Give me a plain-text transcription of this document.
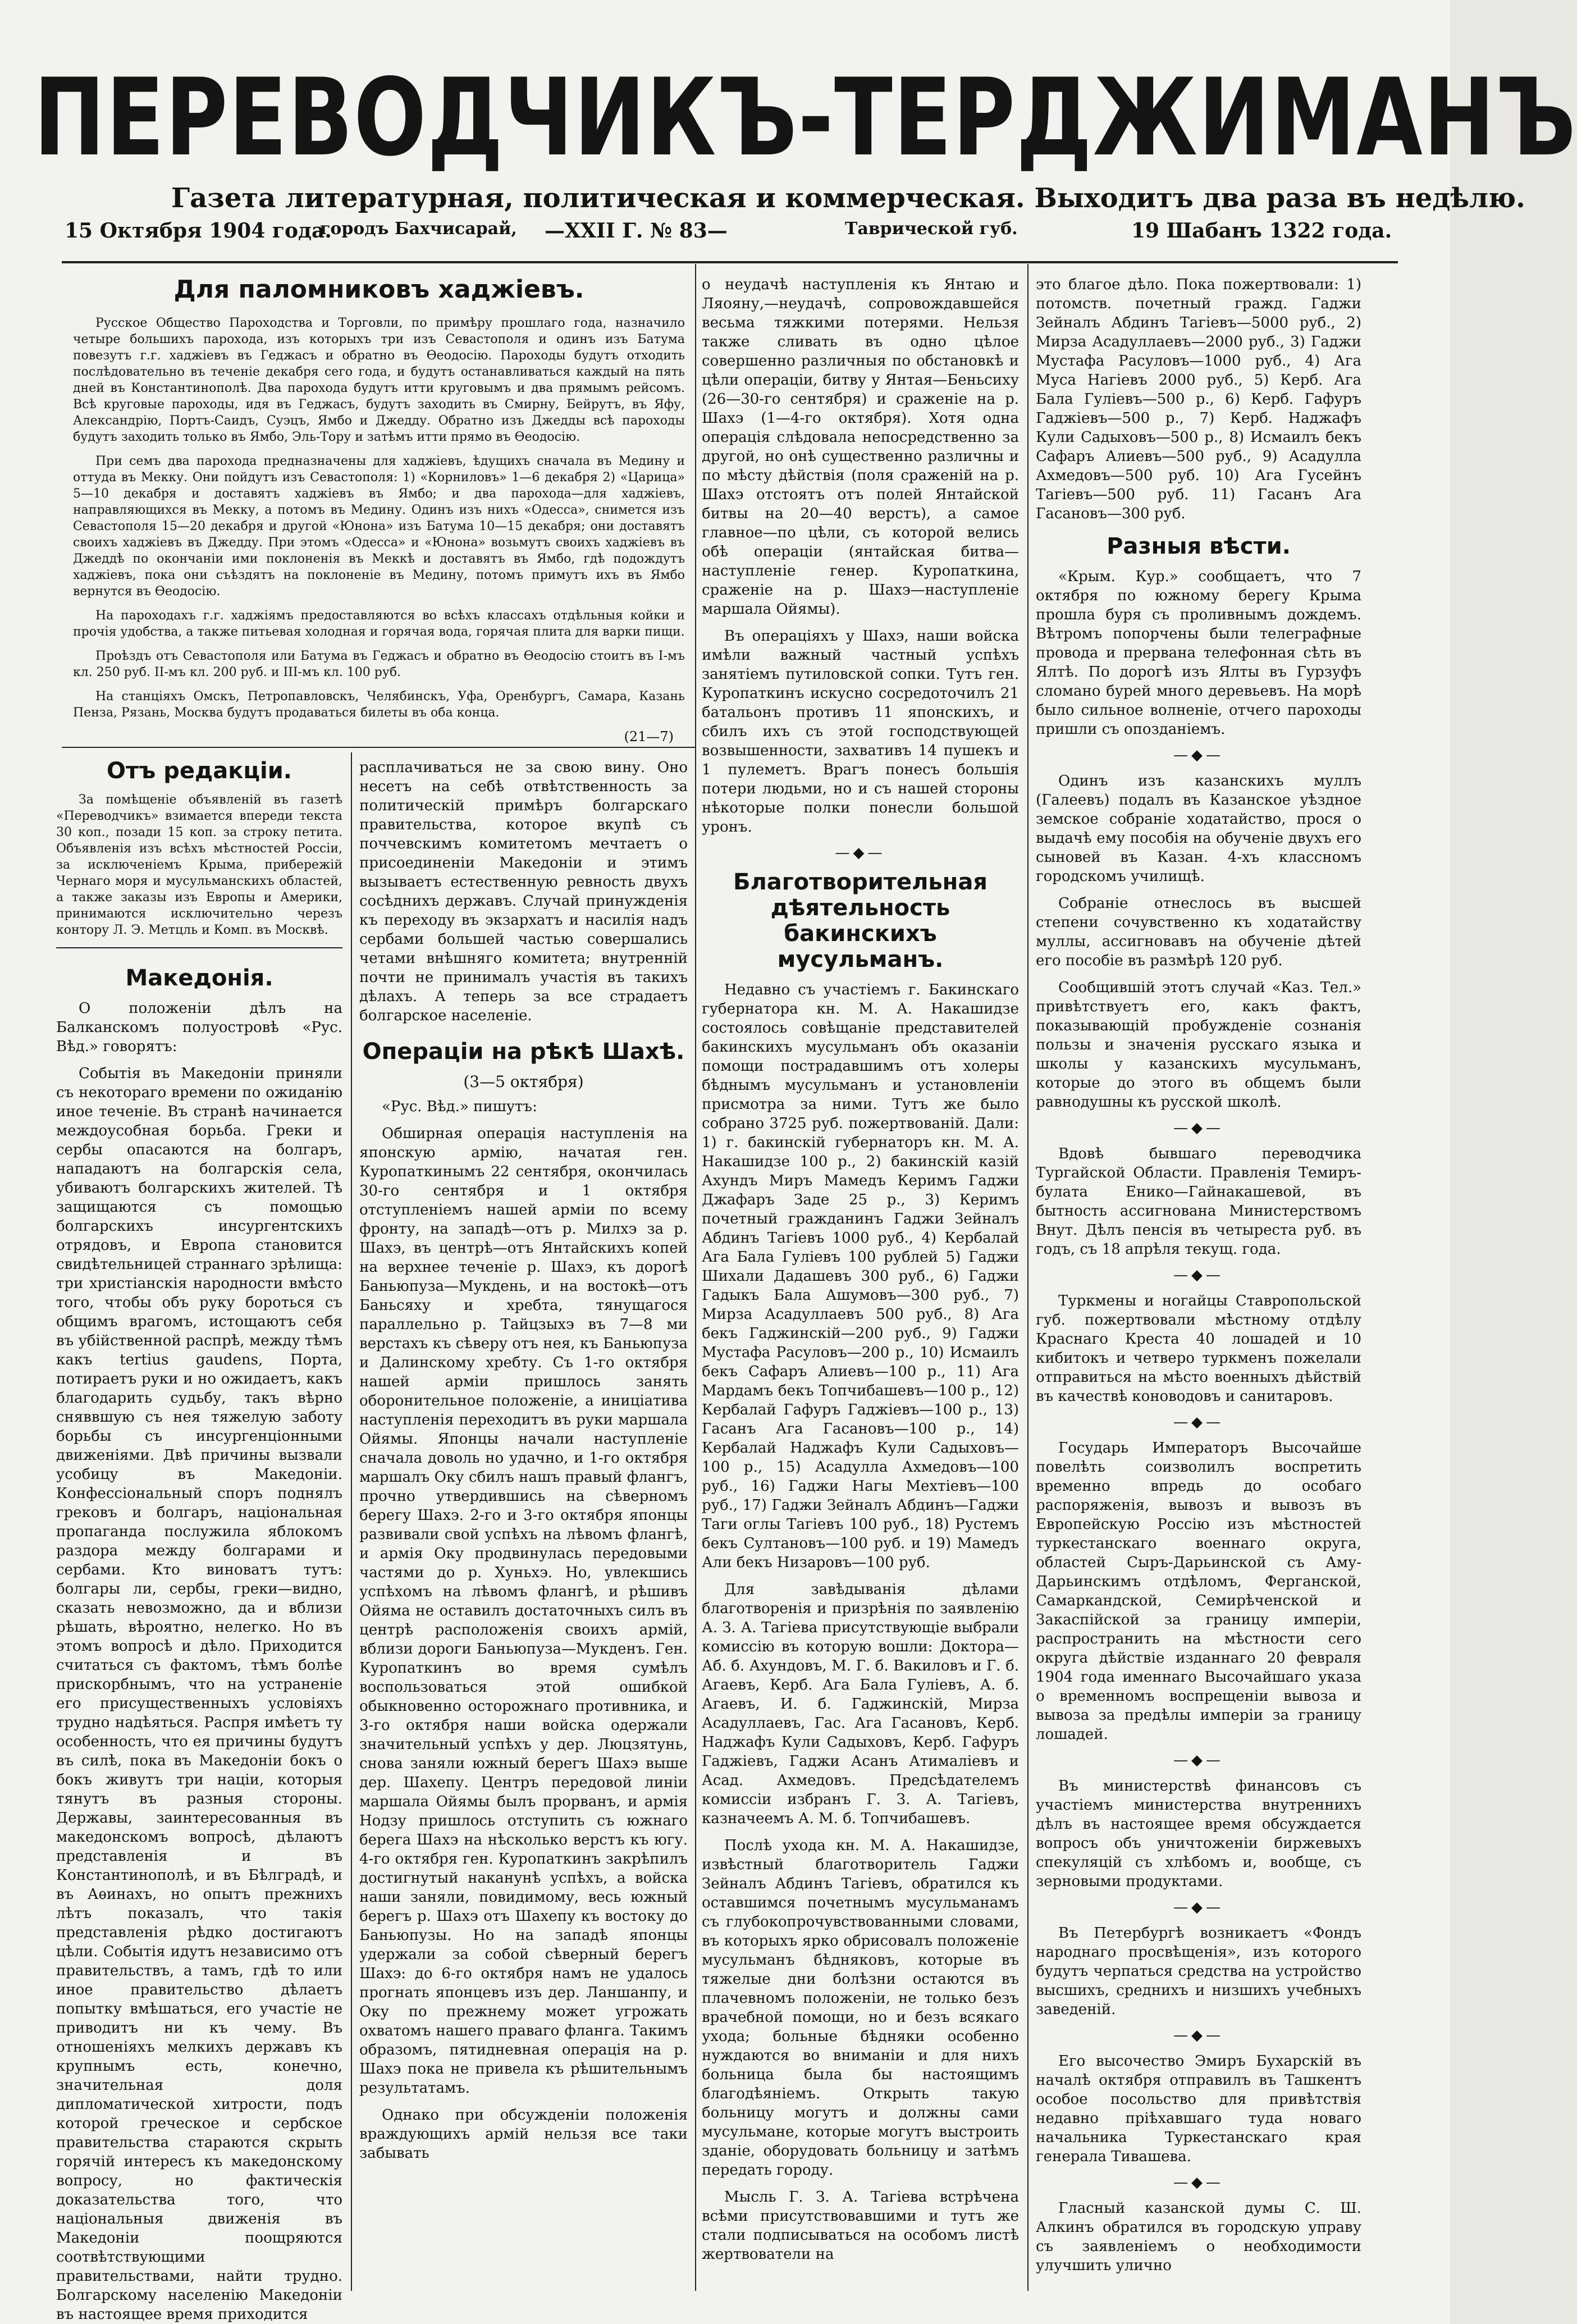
ПЕРЕВОДЧИКЪ-ТЕРДЖИМАНЪ
Газета литературная, политическая и коммерческая. Выходитъ два раза въ недѣлю.
15 Октября 1904 года.
городъ Бахчисарай, —XXII Г. № 83—	Таврической губ.	19 Шабанъ 1322 года.
Для паломниковъ хаджіевъ.

Русское Общество Пароходства и Торговли, по примѣру прошлаго года, назначило четыре большихъ парохода, изъ которыхъ три изъ Севастополя и одинъ изъ Батума повезутъ г.г. хаджіевъ въ Геджасъ и обратно въ Ѳеодосію. Пароходы будутъ отходить послѣдовательно въ теченіе декабря сего года, и будутъ останавливаться каждый на пять дней въ Константинополѣ. Два парохода будутъ итти круговымъ и два прямымъ рейсомъ. Всѣ круговые пароходы, идя въ Геджасъ, будутъ заходить въ Смирну, Бейрутъ, въ Яфу, Александрію, Портъ-Саидъ, Суэцъ, Ямбо и Джедду. Обратно изъ Джедды всѣ пароходы будутъ заходить только въ Ямбо, Эль-Тору и затѣмъ итти прямо въ Ѳеодосію.

При семъ два парохода предназначены для хаджіевъ, ѣдущихъ сначала въ Медину и оттуда въ Мекку. Они пойдутъ изъ Севастополя: 1) «Корниловъ» 1—6 декабря 2) «Царица» 5—10 декабря и доставятъ хаджіевъ въ Ямбо; и два парохода—для хаджіевъ, направляющихся въ Мекку, а потомъ въ Медину. Одинъ изъ нихъ «Одесса», снимется изъ Севастополя 15—20 декабря и другой «Юнона» изъ Батума 10—15 декабря; они доставятъ своихъ хаджіевъ въ Джедду. При этомъ «Одесса» и «Юнона» возьмутъ своихъ хаджіевъ въ Джеддѣ по окончаніи ими поклоненія въ Меккѣ и доставятъ въ Ямбо, гдѣ подождутъ хаджіевъ, пока они съѣздятъ на поклоненіе въ Медину, потомъ примутъ ихъ въ Ямбо вернутся въ Ѳеодосію.

На пароходахъ г.г. хаджіямъ предоставляются во всѣхъ классахъ отдѣльныя койки и прочія удобства, а также питьевая холодная и горячая вода, горячая плита для варки пищи.

Проѣздъ отъ Севастополя или Батума въ Геджасъ и обратно въ Ѳеодосію стоитъ въ I-мъ кл. 250 руб. II-мъ кл. 200 руб. и III-мъ кл. 100 руб.

На станціяхъ Омскъ, Петропавловскъ, Челябинскъ, Уфа, Оренбургъ, Самара, Казань Пенза, Рязань, Москва будутъ продаваться билеты въ оба конца.

(21—7)
Отъ редакціи.

За помѣщеніе объявленій въ газетѣ «Переводчикъ» взимается впереди текста 30 коп., позади 15 коп. за строку петита. Объявленія изъ всѣхъ мѣстностей Россіи, за исключеніемъ Крыма, прибережій Чернаго моря и мусульманскихъ областей, а также заказы изъ Европы и Америки, принимаются исключительно черезъ контору Л. Э. Метцль и Комп. въ Москвѣ.

Македонія.

О положеніи дѣлъ на Балканскомъ полуостровѣ «Рус. Вѣд.» говорятъ:

Событія въ Македоніи приняли съ некотораго времени по ожиданію иное теченіе. Въ странѣ начинается междоусобная борьба. Греки и сербы опасаются на болгаръ, нападаютъ на болгарскія села, убиваютъ болгарскихъ жителей. Тѣ защищаются съ помощью болгарскихъ инсургентскихъ отрядовъ, и Европа становится свидѣтельницей страннаго зрѣлища: три христіанскія народности вмѣсто того, чтобы объ руку бороться съ общимъ врагомъ, истощаютъ себя въ убійственной распрѣ, между тѣмъ какъ tertius gaudens, Порта, потираетъ руки и но ожидаетъ, какъ благодарить судьбу, такъ вѣрно сняввшую съ нея тяжелую заботу борьбы съ инсургенціонными движеніями. Двѣ причины вызвали усобицу въ Македоніи. Конфессіональный споръ поднялъ грековъ и болгаръ, національная пропаганда послужила яблокомъ раздора между болгарами и сербами. Кто виноватъ тутъ: болгары ли, сербы, греки—видно, сказать невозможно, да и вблизи рѣшать, вѣроятно, нелегко. Но въ этомъ вопросѣ и дѣло. Приходится считаться съ фактомъ, тѣмъ болѣе прискорбнымъ, что на устраненіе его присущественныхъ условіяхъ трудно надѣяться. Распря имѣетъ ту особенность, что ея причины будутъ въ силѣ, пока въ Македоніи бокъ о бокъ живутъ три націи, которыя тянутъ въ разныя стороны. Державы, заинтересованныя въ македонскомъ вопросѣ, дѣлаютъ представленія и въ Константинополѣ, и въ Бѣлградѣ, и въ Аѳинахъ, но опытъ прежнихъ лѣтъ показалъ, что такія представленія рѣдко достигаютъ цѣли. Событія идутъ независимо отъ правительствъ, а тамъ, гдѣ то или иное правительство дѣлаетъ попытку вмѣшаться, его участіе не приводитъ ни къ чему. Въ отношеніяхъ мелкихъ державъ къ крупнымъ есть, конечно, значительная доля дипломатической хитрости, подъ которой греческое и сербское правительства стараются скрыть горячій интересъ къ македонскому вопросу, но фактическія доказательства того, что національныя движенія въ Македоніи поощряются соотвѣтствующими правительствами, найти трудно. Болгарскому населенію Македоніи въ настоящее время приходится

расплачиваться не за свою вину. Оно несетъ на себѣ отвѣтственность за политическій примѣръ болгарскаго правительства, которое вкупѣ съ поччевскимъ комитетомъ мечтаетъ о присоединеніи Македоніи и этимъ вызываетъ естественную ревность двухъ сосѣднихъ державъ. Случай принужденія къ переходу въ экзархатъ и насилія надъ сербами большей частью совершались четами внѣшняго комитета; внутренній почти не принималъ участія въ такихъ дѣлахъ. А теперь за все страдаетъ болгарское населеніе.

Операціи на рѣкѣ Шахѣ.

(3—5 октября)

«Рус. Вѣд.» пишутъ:

Обширная операція наступленія на японскую армію, начатая ген. Куропаткинымъ 22 сентября, окончилась 30-го сентября и 1 октября отступленіемъ нашей арміи по всему фронту, на западѣ—отъ р. Милхэ за р. Шахэ, въ центрѣ—отъ Янтайскихъ копей на верхнее теченіе р. Шахэ, къ дорогѣ Баньюпуза—Мукдень, и на востокѣ—отъ Баньсяху и хребта, тянущагося параллельно р. Тайцзыхэ въ 7—8 ми верстахъ къ сѣверу отъ нея, къ Баньюпуза и Далинскому хребту. Съ 1-го октября нашей арміи пришлось занять оборонительное положеніе, а иниціатива наступленія переходитъ въ руки маршала Ойямы. Японцы начали наступленіе сначала доволь но удачно, и 1-го октября маршалъ Оку сбилъ нашъ правый флангъ, прочно утвердившись на сѣверномъ берегу Шахэ. 2-го и 3-го октября японцы развивали свой успѣхъ на лѣвомъ флангѣ, и армія Оку продвинулась передовыми частями до р. Хуньхэ. Но, увлекшись успѣхомъ на лѣвомъ флангѣ, и рѣшивъ Ойяма не оставилъ достаточныхъ силъ въ центрѣ расположенія своихъ армій, вблизи дороги Баньюпуза—Мукденъ. Ген. Куропаткинъ во время сумѣлъ воспользоваться этой ошибкой обыкновенно осторожнаго противника, и 3-го октября наши войска одержали значительный успѣхъ у дер. Люцзятунь, снова заняли южный берегъ Шахэ выше дер. Шахепу. Центръ передовой линіи маршала Ойямы былъ прорванъ, и армія Нодзу пришлось отступить съ южнаго берега Шахэ на нѣсколько верстъ къ югу. 4-го октября ген. Куропаткинъ закрѣпилъ достигнутый наканунѣ успѣхъ, а войска наши заняли, повидимому, весь южный берегъ р. Шахэ отъ Шахепу къ востоку до Баньюпузы. Но на западѣ японцы удержали за собой сѣверный берегъ Шахэ: до 6-го октября намъ не удалось прогнать японцевъ изъ дер. Ланшанпу, и Оку по прежнему может угрожать охватомъ нашего праваго фланга. Такимъ образомъ, пятидневная операція на р. Шахэ пока не привела къ рѣшительнымъ результатамъ.

Однако при обсужденіи положенія враждующихъ армій нельзя все таки забывать

о неудачѣ наступленія къ Янтаю и Ляояну,—неудачѣ, сопровождавшейся весьма тяжкими потерями. Нельзя также сливать въ одно цѣлое совершенно различныя по обстановкѣ и цѣли операціи, битву у Янтая—Беньсиху (26—30-го сентября) и сраженіе на р. Шахэ (1—4-го октября). Хотя одна операція слѣдовала непосредственно за другой, но онѣ существенно различны и по мѣсту дѣйствія (поля сраженій на р. Шахэ отстоятъ отъ полей Янтайской битвы на 20—40 верстъ), а самое главное—по цѣли, съ которой велись обѣ операціи (янтайская битва—наступленіе генер. Куропаткина, сраженіе на р. Шахэ—наступленіе маршала Ойямы).

Въ операціяхъ у Шахэ, наши войска имѣли важный частный успѣхъ занятіемъ путиловской сопки. Тутъ ген. Куропаткинъ искусно сосредоточилъ 21 батальонъ противъ 11 японскихъ, и сбилъ ихъ съ этой господствующей возвышенности, захвативъ 14 пушекъ и 1 пулеметъ. Врагъ понесъ большія потери людьми, но и съ нашей стороны нѣкоторые полки понесли большой уронъ.

—◆—
Благотворительная дѣятельность бакинскихъ мусульманъ.

Недавно съ участіемъ г. Бакинскаго губернатора кн. М. А. Накашидзе состоялось совѣщаніе представителей бакинскихъ мусульманъ объ оказаніи помощи пострадавшимъ отъ холеры бѣднымъ мусульманъ и установленіи присмотра за ними. Тутъ же было собрано 3725 руб. пожертвованій. Дали: 1) г. бакинскій губернаторъ кн. М. А. Накашидзе 100 р., 2) бакинскій казій Ахундъ Миръ Мамедъ Керимъ Гаджи Джафаръ Заде 25 р., 3) Керимъ почетный гражданинъ Гаджи Зейналъ Абдинъ Тагіевъ 1000 руб., 4) Кербалай Ага Бала Гуліевъ 100 рублей 5) Гаджи Шихали Дадашевъ 300 руб., 6) Гаджи Гадыкъ Бала Ашумовъ—300 руб., 7) Мирза Асадуллаевъ 500 руб., 8) Ага бекъ Гаджинскій—200 руб., 9) Гаджи Мустафа Расуловъ—200 р., 10) Исмаилъ бекъ Сафаръ Алиевъ—100 р., 11) Ага Мардамъ бекъ Топчибашевъ—100 р., 12) Кербалай Гафуръ Гаджіевъ—100 р., 13) Гасанъ Ага Гасановъ—100 р., 14) Кербалай Наджафъ Кули Садыховъ—100 р., 15) Асадулла Ахмедовъ—100 руб., 16) Гаджи Нагы Мехтіевъ—100 руб., 17) Гаджи Зейналъ Абдинъ—Гаджи Таги оглы Тагіевъ 100 руб., 18) Рустемъ бекъ Султановъ—100 руб. и 19) Мамедъ Али бекъ Низаровъ—100 руб.

Для завѣдыванія дѣлами благотворенія и призрѣнія по заявленію А. З. А. Тагіева присутствующіе выбрали комиссію въ которую вошли: Доктора—Аб. б. Ахундовъ, М. Г. б. Вакиловъ и Г. б. Агаевъ, Керб. Ага Бала Гуліевъ, А. б. Агаевъ, И. б. Гаджинскій, Мирза Асадуллаевъ, Гас. Ага Гасановъ, Керб. Наджафъ Кули Садыховъ, Керб. Гафуръ Гаджіевъ, Гаджи Асанъ Атималіевъ и Асад. Ахмедовъ. Предсѣдателемъ комиссіи избранъ Г. З. А. Тагіевъ, казначеемъ А. М. б. Топчибашевъ.

Послѣ ухода кн. М. А. Накашидзе, извѣстный благотворитель Гаджи Зейналъ Абдинъ Тагіевъ, обратился къ оставшимся почетнымъ мусульманамъ съ глубокопрочувствованными словами, въ которыхъ ярко обрисовалъ положеніе мусульманъ бѣдняковъ, которые въ тяжелые дни болѣзни остаются въ плачевномъ положеніи, не только безъ врачебной помощи, но и безъ всякаго ухода; больные бѣдняки особенно нуждаются во вниманіи и для нихъ больница была бы настоящимъ благодѣяніемъ. Открыть такую больницу могутъ и должны сами мусульмане, которые могутъ выстроить зданіе, оборудовать больницу и затѣмъ передать городу.

Мысль Г. З. А. Тагіева встрѣчена всѣми присутствовавшими и тутъ же стали подписываться на особомъ листѣ жертвователи на

это благое дѣло. Пока пожертвовали: 1) потомств. почетный гражд. Гаджи Зейналъ Абдинъ Тагіевъ—5000 руб., 2) Мирза Асадуллаевъ—2000 руб., 3) Гаджи Мустафа Расуловъ—1000 руб., 4) Ага Муса Нагіевъ 2000 руб., 5) Керб. Ага Бала Гуліевъ—500 р., 6) Керб. Гафуръ Гаджіевъ—500 р., 7) Керб. Наджафъ Кули Садыховъ—500 р., 8) Исмаилъ бекъ Сафаръ Алиевъ—500 руб., 9) Асадулла Ахмедовъ—500 руб. 10) Ага Гусейнъ Тагіевъ—500 руб. 11) Гасанъ Ага Гасановъ—300 руб.

Разныя вѣсти.

«Крым. Кур.» сообщаетъ, что 7 октября по южному берегу Крыма прошла буря съ проливнымъ дождемъ. Вѣтромъ попорчены были телеграфные провода и прервана телефонная сѣть въ Ялтѣ. По дорогѣ изъ Ялты въ Гурзуфъ сломано бурей много деревьевъ. На морѣ было сильное волненіе, отчего пароходы пришли съ опозданіемъ.

—◆—

Одинъ изъ казанскихъ муллъ (Галеевъ) подалъ въ Казанское уѣздное земское собраніе ходатайство, прося о выдачѣ ему пособія на обученіе двухъ его сыновей въ Казан. 4-хъ классномъ городскомъ училищѣ.

Собраніе отнеслось въ высшей степени сочувственно къ ходатайству муллы, ассигновавъ на обученіе дѣтей его пособіе въ размѣрѣ 120 руб.

Сообщившій этотъ случай «Каз. Тел.» привѣтствуетъ его, какъ фактъ, показывающій пробужденіе сознанія пользы и значенія русскаго языка и школы у казанскихъ мусульманъ, которые до этого въ общемъ были равнодушны къ русской школѣ.

—◆—

Вдовѣ бывшаго переводчика Тургайской Области. Правленія Темиръ-булата Енико—Гайнакашевой, въ бытность ассигнована Министерствомъ Внут. Дѣлъ пенсія въ четыреста руб. въ годъ, съ 18 апрѣля текущ. года.

—◆—

Туркмены и ногайцы Ставропольской губ. пожертвовали мѣстному отдѣлу Краснаго Креста 40 лошадей и 10 кибитокъ и четверо туркменъ пожелали отправиться на мѣсто военныхъ дѣйствій въ качествѣ коноводовъ и санитаровъ.

—◆—

Государь Императоръ Высочайше повелѣть соизволилъ воспретить временно впредь до особаго распоряженія, вывозъ и вывозъ въ Европейскую Россію изъ мѣстностей туркестанскаго военнаго округа, областей Сыръ-Дарьинской съ Аму-Дарьинскимъ отдѣломъ, Ферганской, Самаркандской, Семирѣченской и Закаспійской за границу имперіи, распространить на мѣстности сего округа дѣйствіе изданнаго 20 февраля 1904 года именнаго Высочайшаго указа о временномъ воспрещеніи вывоза и вывоза за предѣлы имперіи за границу лошадей.

—◆—

Въ министерствѣ финансовъ съ участіемъ министерства внутреннихъ дѣлъ въ настоящее время обсуждается вопросъ объ уничтоженіи биржевыхъ спекуляцій съ хлѣбомъ и, вообще, съ зерновыми продуктами.

—◆—

Въ Петербургѣ возникаетъ «Фондъ народнаго просвѣщенія», изъ которого будутъ черпаться средства на устройство высшихъ, среднихъ и низшихъ учебныхъ заведеній.

—◆—

Его высочество Эмиръ Бухарскій въ началѣ октября отправилъ въ Ташкентъ особое посольство для привѣтствія недавно пріѣхавшаго туда новаго начальника Туркестанскаго края генерала Тивашева.

—◆—

Гласный казанской думы С. Ш. Алкинъ обратился въ городскую управу съ заявленіемъ о необходимости улучшить улично
